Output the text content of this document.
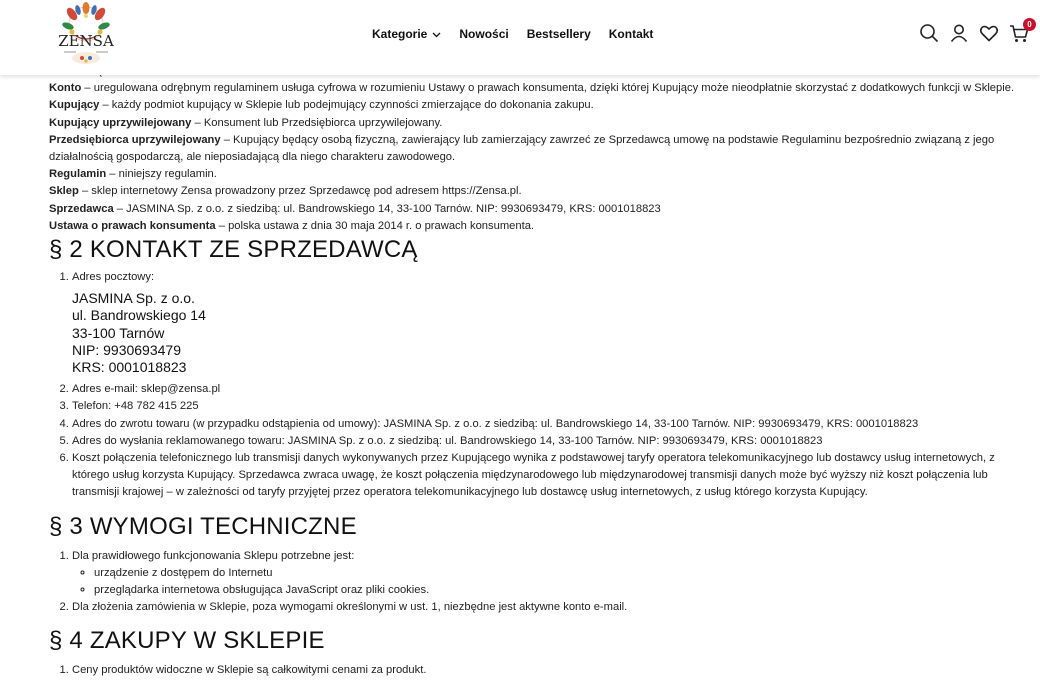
ZENSA	Kategorie	Nowości Bestsellery Kontakt
0

Konto – uregulowana odrębnym regulaminem usługa cyfrowa w rozumieniu Ustawy o prawach konsumenta, dzięki której Kupujący może nieodpłatnie skorzystać z dodatkowych funkcji w Sklepie.

Kupujący – każdy podmiot kupujący w Sklepie lub podejmujący czynności zmierzające do dokonania zakupu.

Kupujący uprzywilejowany – Konsument lub Przedsiębiorca uprzywilejowany.

Przedsiębiorca uprzywilejowany – Kupujący będący osobą fizyczną, zawierający lub zamierzający zawrzeć ze Sprzedawcą umowę na podstawie Regulaminu bezpośrednio związaną z jego działalnością gospodarczą, ale nieposiadającą dla niego charakteru zawodowego.

Regulamin – niniejszy regulamin.

Sklep – sklep internetowy Zensa prowadzony przez Sprzedawcę pod adresem https://Zensa.pl.

Sprzedawca – JASMINA Sp. z o.o. z siedzibą: ul. Bandrowskiego 14, 33-100 Tarnów. NIP: 9930693479, KRS: 0001018823

Ustawa o prawach konsumenta – polska ustawa z dnia 30 maja 2014 r. o prawach konsumenta.

§ 2 KONTAKT ZE SPRZEDAWCĄ
1. Adres pocztowy:
JASMINA Sp. z o.o.
ul. Bandrowskiego 14
33-100 Tarnów
NIP: 9930693479
KRS: 0001018823
2. Adres e-mail: sklep@zensa.pl
3. Telefon: +48 782 415 225
4. Adres do zwrotu towaru (w przypadku odstąpienia od umowy): JASMINA Sp. z o.o. z siedzibą: ul. Bandrowskiego 14, 33-100 Tarnów. NIP: 9930693479, KRS: 0001018823
5. Adres do wysłania reklamowanego towaru: JASMINA Sp. z o.o. z siedzibą: ul. Bandrowskiego 14, 33-100 Tarnów. NIP: 9930693479, KRS: 0001018823
6. Koszt połączenia telefonicznego lub transmisji danych wykonywanych przez Kupującego wynika z podstawowej taryfy operatora telekomunikacyjnego lub dostawcy usług internetowych, z którego usług korzysta Kupujący. Sprzedawca zwraca uwagę, że koszt połączenia międzynarodowego lub międzynarodowej transmisji danych może być wyższy niż koszt połączenia lub transmisji krajowej – w zależności od taryfy przyjętej przez operatora telekomunikacyjnego lub dostawcę usług internetowych, z usług którego korzysta Kupujący.
§ 3 WYMOGI TECHNICZNE
1. Dla prawidłowego funkcjonowania Sklepu potrzebne jest:
◦ urządzenie z dostępem do Internetu
◦ przeglądarka internetowa obsługująca JavaScript oraz pliki cookies.
2. Dla złożenia zamówienia w Sklepie, poza wymogami określonymi w ust. 1, niezbędne jest aktywne konto e-mail.
§ 4 ZAKUPY W SKLEPIE
1. Ceny produktów widoczne w Sklepie są całkowitymi cenami za produkt.
